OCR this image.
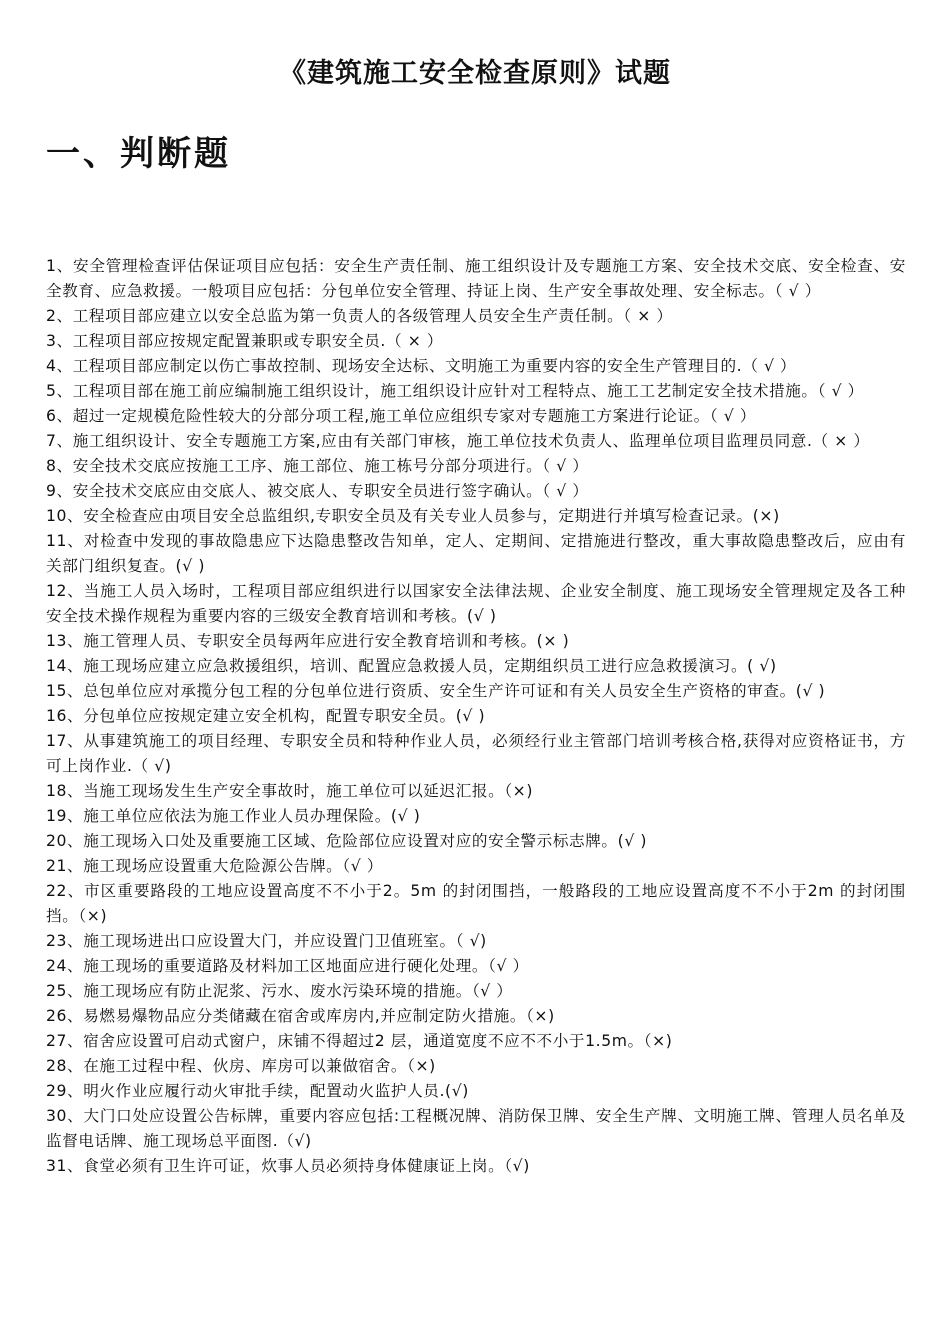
《建筑施工安全检查原则》试题
一、判断题
1、安全管理检查评估保证项目应包括：安全生产责任制、施工组织设计及专题施工方案、安全技术交底、安全检查、安全教育、应急救援。一般项目应包括：分包单位安全管理、持证上岗、生产安全事故处理、安全标志。（ √ ）
2、工程项目部应建立以安全总监为第一负责人的各级管理人员安全生产责任制。（ × ）
3、工程项目部应按规定配置兼职或专职安全员.（ × ）
4、工程项目部应制定以伤亡事故控制、现场安全达标、文明施工为重要内容的安全生产管理目的.（ √ ）
5、工程项目部在施工前应编制施工组织设计，施工组织设计应针对工程特点、施工工艺制定安全技术措施。（ √ ）
6、超过一定规模危险性较大的分部分项工程,施工单位应组织专家对专题施工方案进行论证。（ √ ）
7、施工组织设计、安全专题施工方案,应由有关部门审核，施工单位技术负责人、监理单位项目监理员同意.（ × ）
8、安全技术交底应按施工工序、施工部位、施工栋号分部分项进行。（ √ ）
9、安全技术交底应由交底人、被交底人、专职安全员进行签字确认。（ √ ）
10、安全检查应由项目安全总监组织,专职安全员及有关专业人员参与，定期进行并填写检查记录。(×)
11、对检查中发现的事故隐患应下达隐患整改告知单，定人、定期间、定措施进行整改，重大事故隐患整改后，应由有关部门组织复查。(√ )
12、当施工人员入场时，工程项目部应组织进行以国家安全法律法规、企业安全制度、施工现场安全管理规定及各工种安全技术操作规程为重要内容的三级安全教育培训和考核。(√ )
13、施工管理人员、专职安全员每两年应进行安全教育培训和考核。(× )
14、施工现场应建立应急救援组织，培训、配置应急救援人员，定期组织员工进行应急救援演习。( √)
15、总包单位应对承揽分包工程的分包单位进行资质、安全生产许可证和有关人员安全生产资格的审查。(√ )
16、分包单位应按规定建立安全机构，配置专职安全员。(√ )
17、从事建筑施工的项目经理、专职安全员和特种作业人员，必须经行业主管部门培训考核合格,获得对应资格证书，方可上岗作业.（ √)
18、当施工现场发生生产安全事故时，施工单位可以延迟汇报。（×)
19、施工单位应依法为施工作业人员办理保险。(√ )
20、施工现场入口处及重要施工区域、危险部位应设置对应的安全警示标志牌。(√ )
21、施工现场应设置重大危险源公告牌。（√ ）
22、市区重要路段的工地应设置高度不不小于2。5m 的封闭围挡，一般路段的工地应设置高度不不小于2m 的封闭围挡。（×)
23、施工现场进出口应设置大门，并应设置门卫值班室。（ √)
24、施工现场的重要道路及材料加工区地面应进行硬化处理。（√ ）
25、施工现场应有防止泥浆、污水、废水污染环境的措施。（√ ）
26、易燃易爆物品应分类储藏在宿舍或库房内,并应制定防火措施。（×)
27、宿舍应设置可启动式窗户，床铺不得超过2 层，通道宽度不应不不小于1.5m。（×)
28、在施工过程中程、伙房、库房可以兼做宿舍。（×)
29、明火作业应履行动火审批手续，配置动火监护人员.(√)
30、大门口处应设置公告标牌，重要内容应包括:工程概况牌、消防保卫牌、安全生产牌、文明施工牌、管理人员名单及监督电话牌、施工现场总平面图.（√)
31、食堂必须有卫生许可证，炊事人员必须持身体健康证上岗。（√)
